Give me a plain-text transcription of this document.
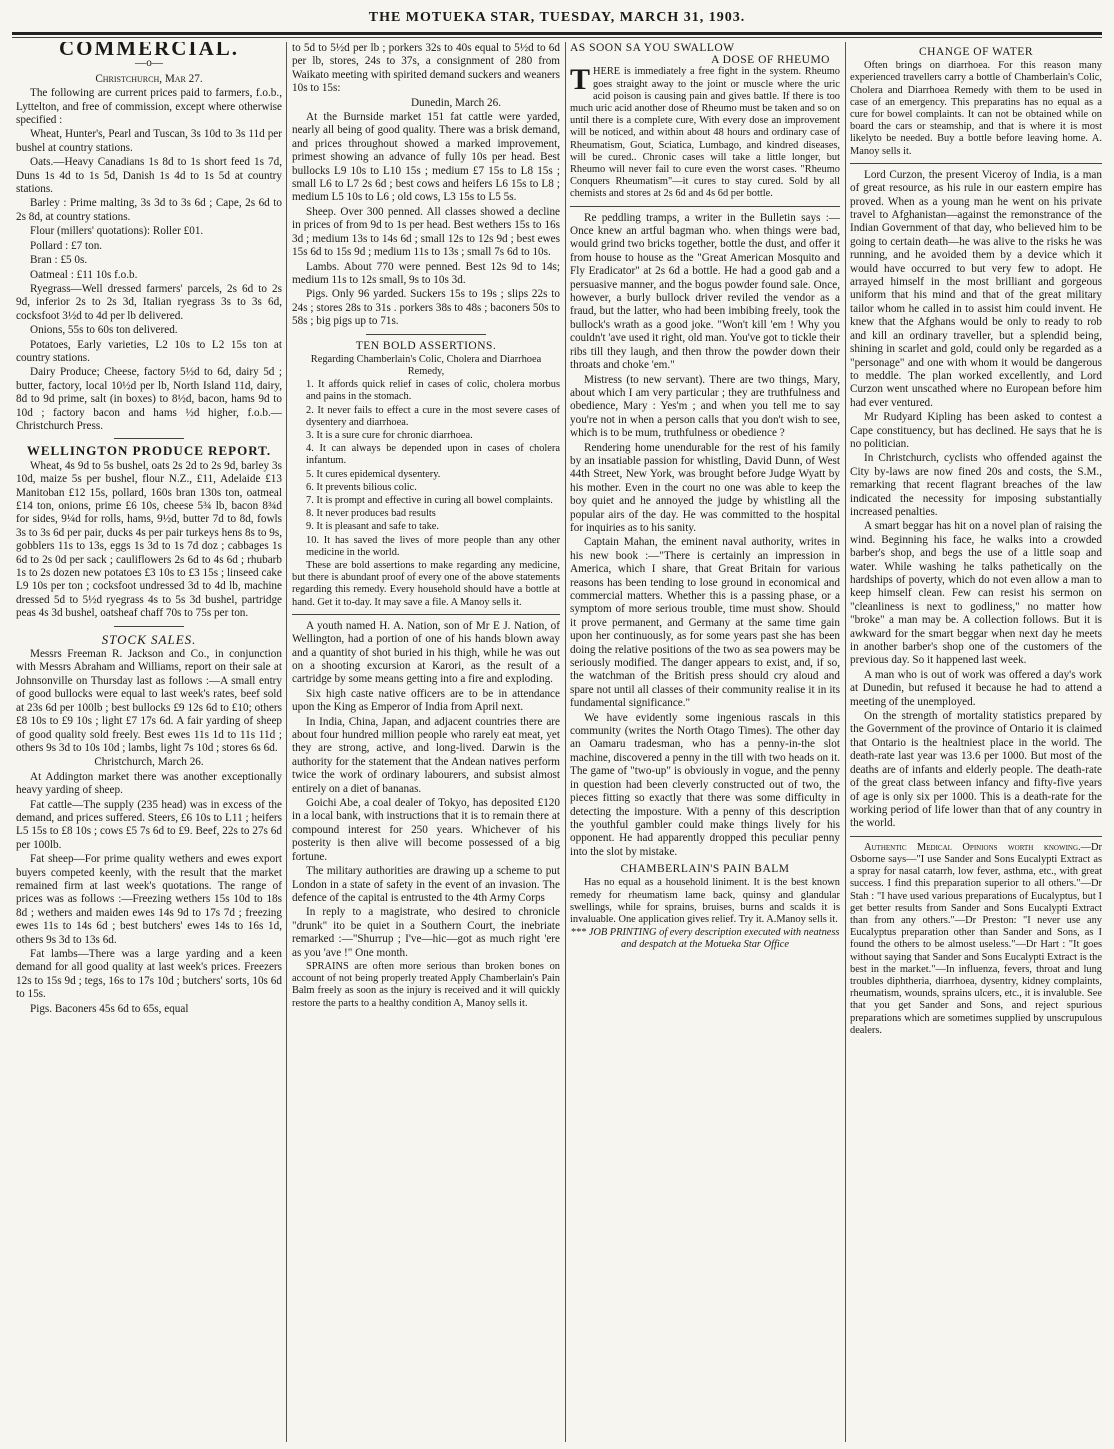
THE MOTUEKA STAR, TUESDAY, MARCH 31, 1903.
COMMERCIAL.
—o—

Christchurch, Mar 27.

The following are current prices paid to farmers, f.o.b., Lyttelton, and free of commission, except where otherwise specified :

Wheat, Hunter's, Pearl and Tuscan, 3s 10d to 3s 11d per bushel at country stations.

Oats.—Heavy Canadians 1s 8d to 1s short feed 1s 7d, Duns 1s 4d to 1s 5d, Danish 1s 4d to 1s 5d at country stations.

Barley : Prime malting, 3s 3d to 3s 6d ; Cape, 2s 6d to 2s 8d, at country stations.

Flour (millers' quotations): Roller £01.

Pollard : £7 ton.

Bran : £5 0s.

Oatmeal : £11 10s f.o.b.

Ryegrass—Well dressed farmers' parcels, 2s 6d to 2s 9d, inferior 2s to 2s 3d, Italian ryegrass 3s to 3s 6d, cocksfoot 3½d to 4d per lb delivered.

Onions, 55s to 60s ton delivered.

Potatoes, Early varieties, L2 10s to L2 15s ton at country stations.

Dairy Produce; Cheese, factory 5½d to 6d, dairy 5d ; butter, factory, local 10½d per lb, North Island 11d, dairy, 8d to 9d prime, salt (in boxes) to 8½d, bacon, hams 9d to 10d ; factory bacon and hams ½d higher, f.o.b.—Christchurch Press.

WELLINGTON PRODUCE REPORT.

Wheat, 4s 9d to 5s bushel, oats 2s 2d to 2s 9d, barley 3s 10d, maize 5s per bushel, flour N.Z., £11, Adelaide £13 Manitoban £12 15s, pollard, 160s bran 130s ton, oatmeal £14 ton, onions, prime £6 10s, cheese 5¾ lb, bacon 8¾d for sides, 9¼d for rolls, hams, 9½d, butter 7d to 8d, fowls 3s to 3s 6d per pair, ducks 4s per pair turkeys hens 8s to 9s, gobblers 11s to 13s, eggs 1s 3d to 1s 7d doz ; cabbages 1s 6d to 2s 0d per sack ; cauliflowers 2s 6d to 4s 6d ; rhubarb 1s to 2s dozen new potatoes £3 10s to £3 15s ; linseed cake L9 10s per ton ; cocksfoot undressed 3d to 4d lb, machine dressed 5d to 5½d ryegrass 4s to 5s 3d bushel, partridge peas 4s 3d bushel, oatsheaf chaff 70s to 75s per ton.

STOCK SALES.

Messrs Freeman R. Jackson and Co., in conjunction with Messrs Abraham and Williams, report on their sale at Johnsonville on Thursday last as follows :—A small entry of good bullocks were equal to last week's rates, beef sold at 23s 6d per 100lb ; best bullocks £9 12s 6d to £10; others £8 10s to £9 10s ; light £7 17s 6d. A fair yarding of sheep of good quality sold freely. Best ewes 11s 1d to 11s 11d ; others 9s 3d to 10s 10d ; lambs, light 7s 10d ; stores 6s 6d.

Christchurch, March 26.

At Addington market there was another exceptionally heavy yarding of sheep.

Fat cattle—The supply (235 head) was in excess of the demand, and prices suffered. Steers, £6 10s to L11 ; heifers L5 15s to £8 10s ; cows £5 7s 6d to £9. Beef, 22s to 27s 6d per 100lb.

Fat sheep—For prime quality wethers and ewes export buyers competed keenly, with the result that the market remained firm at last week's quotations. The range of prices was as follows :—Freezing wethers 15s 10d to 18s 8d ; wethers and maiden ewes 14s 9d to 17s 7d ; freezing ewes 11s to 14s 6d ; best butchers' ewes 14s to 16s 1d, others 9s 3d to 13s 6d.

Fat lambs—There was a large yarding and a keen demand for all good quality at last week's prices. Freezers 12s to 15s 9d ; tegs, 16s to 17s 10d ; butchers' sorts, 10s 6d to 15s.

Pigs. Baconers 45s 6d to 65s, equal

to 5d to 5½d per lb ; porkers 32s to 40s equal to 5½d to 6d per lb, stores, 24s to 37s, a consignment of 280 from Waikato meeting with spirited demand suckers and weaners 10s to 15s:

Dunedin, March 26.

At the Burnside market 151 fat cattle were yarded, nearly all being of good quality. There was a brisk demand, and prices throughout showed a marked improvement, primest showing an advance of fully 10s per head. Best bullocks L9 10s to L10 15s ; medium £7 15s to L8 15s ; small L6 to L7 2s 6d ; best cows and heifers L6 15s to L8 ; medium L5 10s to L6 ; old cows, L3 15s to L5 5s.

Sheep. Over 300 penned. All classes showed a decline in prices of from 9d to 1s per head. Best wethers 15s to 16s 3d ; medium 13s to 14s 6d ; small 12s to 12s 9d ; best ewes 15s 6d to 15s 9d ; medium 11s to 13s ; small 7s 6d to 10s.

Lambs. About 770 were penned. Best 12s 9d to 14s; medium 11s to 12s small, 9s to 10s 3d.

Pigs. Only 96 yarded. Suckers 15s to 19s ; slips 22s to 24s ; stores 28s to 31s . porkers 38s to 48s ; baconers 50s to 58s ; big pigs up to 71s.

TEN BOLD ASSERTIONS.

Regarding Chamberlain's Colic, Cholera and Diarrhoea Remedy,

1. It affords quick relief in cases of colic, cholera morbus and pains in the stomach.

2. It never fails to effect a cure in the most severe cases of dysentery and diarrhoea.

3. It is a sure cure for chronic diarrhoea.

4. It can always be depended upon in cases of cholera infantum.

5. It cures epidemical dysentery.

6. It prevents bilious colic.

7. It is prompt and effective in curing all bowel complaints.

8. It never produces bad results

9. It is pleasant and safe to take.

10. It has saved the lives of more people than any other medicine in the world.

These are bold assertions to make regarding any medicine, but there is abundant proof of every one of the above statements regarding this remedy. Every household should have a bottle at hand. Get it to-day. It may save a file. A Manoy sells it.

A youth named H. A. Nation, son of Mr E J. Nation, of Wellington, had a portion of one of his hands blown away and a quantity of shot buried in his thigh, while he was out on a shooting excursion at Karori, as the result of a cartridge by some means getting into a fire and exploding.

Six high caste native officers are to be in attendance upon the King as Emperor of India from April next.

In India, China, Japan, and adjacent countries there are about four hundred million people who rarely eat meat, yet they are strong, active, and long-lived. Darwin is the authority for the statement that the Andean natives perform twice the work of ordinary labourers, and subsist almost entirely on a diet of bananas.

Goichi Abe, a coal dealer of Tokyo, has deposited £120 in a local bank, with instructions that it is to remain there at compound interest for 250 years. Whichever of his posterity is then alive will become possessed of a big fortune.

The military authorities are drawing up a scheme to put London in a state of safety in the event of an invasion. The defence of the capital is entrusted to the 4th Army Corps

In reply to a magistrate, who desired to chronicle "drunk" ito be quiet in a Southern Court, the inebriate remarked :—"Shurrup ; I've—hic—got as much right 'ere as you 'ave !" One month.

SPRAINS are often more serious than broken bones on account of not being properly treated Apply Chamberlain's Pain Balm freely as soon as the injury is received and it will quickly restore the parts to a healthy condition A, Manoy sells it.

AS SOON SA YOU SWALLOW
A DOSE OF RHEUMO

THERE is immediately a free fight in the system. Rheumo goes straight away to the joint or muscle where the uric acid poison is causing pain and gives battle. If there is too much uric acid another dose of Rheumo must be taken and so on until there is a complete cure, With every dose an improvement will be noticed, and within about 48 hours and ordinary case of Rheumatism, Gout, Sciatica, Lumbago, and kindred diseases, will be cured.. Chronic cases will take a little longer, but Rheumo will never fail to cure even the worst cases. "Rheumo Conquers Rheumatism"—it cures to stay cured. Sold by all chemists and stores at 2s 6d and 4s 6d per bottle.

Re peddling tramps, a writer in the Bulletin says :—Once knew an artful bagman who. when things were bad, would grind two bricks together, bottle the dust, and offer it from house to house as the "Great American Mosquito and Fly Eradicator" at 2s 6d a bottle. He had a good gab and a persuasive manner, and the bogus powder found sale. Once, however, a burly bullock driver reviled the vendor as a fraud, but the latter, who had been imbibing freely, took the bullock's wrath as a good joke. "Won't kill 'em ! Why you couldn't 'ave used it right, old man. You've got to tickle their ribs till they laugh, and then throw the powder down their throats and choke 'em."

Mistress (to new servant). There are two things, Mary, about which I am very particular ; they are truthfulness and obedience, Mary : Yes'm ; and when you tell me to say you're not in when a person calls that you don't wish to see, which is to be mum, truthfulness or obedience ?

Rendering home unendurable for the rest of his family by an insatiable passion for whistling, David Dunn, of West 44th Street, New York, was brought before Judge Wyatt by his mother. Even in the court no one was able to keep the boy quiet and he annoyed the judge by whistling all the popular airs of the day. He was committed to the hospital for inquiries as to his sanity.

Captain Mahan, the eminent naval authority, writes in his new book :—"There is certainly an impression in America, which I share, that Great Britain for various reasons has been tending to lose ground in economical and commercial matters. Whether this is a passing phase, or a symptom of more serious trouble, time must show. Should it prove permanent, and Germany at the same time gain upon her continuously, as for some years past she has been doing the relative positions of the two as sea powers may be seriously modified. The danger appears to exist, and, if so, the watchman of the British press should cry aloud and spare not until all classes of their community realise it in its fundamental significance."

We have evidently some ingenious rascals in this community (writes the North Otago Times). The other day an Oamaru tradesman, who has a penny-in-the slot machine, discovered a penny in the till with two heads on it. The game of "two-up" is obviously in vogue, and the penny in question had been cleverly constructed out of two, the pieces fitting so exactly that there was some difficulty in detecting the imposture. With a penny of this description the youthful gambler could make things lively for his opponent. He had apparently dropped this peculiar penny into the slot by mistake.

CHAMBERLAIN'S PAIN BALM

Has no equal as a household liniment. It is the best known remedy for rheumatism lame back, quinsy and glandular swellings, while for sprains, bruises, burns and scalds it is invaluable. One application gives relief. Try it. A.Manoy sells it.

*** JOB PRINTING of every description executed with neatness and despatch at the Motueka Star Office

CHANGE OF WATER

Often brings on diarrhoea. For this reason many experienced travellers carry a bottle of Chamberlain's Colic, Cholera and Diarrhoea Remedy with them to be used in case of an emergency. This preparatins has no equal as a cure for bowel complaints. It can not be obtained while on board the cars or steamship, and that is where it is most likelyto be needed. Buy a bottle before leaving home. A. Manoy sells it.

Lord Curzon, the present Viceroy of India, is a man of great resource, as his rule in our eastern empire has proved. When as a young man he went on his private travel to Afghanistan—against the remonstrance of the Indian Government of that day, who believed him to be going to certain death—he was alive to the risks he was running, and he avoided them by a device which it would have occurred to but very few to adopt. He arrayed himself in the most brilliant and gorgeous uniform that his mind and that of the great military tailor whom he called in to assist him could invent. He knew that the Afghans would be only to ready to rob and kill an ordinary traveller, but a splendid being, shining in scarlet and gold, could only be regarded as a "personage" and one with whom it would be dangerous to meddle. The plan worked excellently, and Lord Curzon went unscathed where no European before him had ever ventured.

Mr Rudyard Kipling has been asked to contest a Cape constituency, but has declined. He says that he is no politician.

In Christchurch, cyclists who offended against the City by-laws are now fined 20s and costs, the S.M., remarking that recent flagrant breaches of the law indicated the necessity for imposing substantially increased penalties.

A smart beggar has hit on a novel plan of raising the wind. Beginning his face, he walks into a crowded barber's shop, and begs the use of a little soap and water. While washing he talks pathetically on the hardships of poverty, which do not even allow a man to keep himself clean. Few can resist his sermon on "cleanliness is next to godliness," no matter how "broke" a man may be. A collection follows. But it is awkward for the smart beggar when next day he meets in another barber's shop one of the customers of the previous day. So it happened last week.

A man who is out of work was offered a day's work at Dunedin, but refused it because he had to attend a meeting of the unemployed.

On the strength of mortality statistics prepared by the Government of the province of Ontario it is claimed that Ontario is the healtniest place in the world. The death-rate last year was 13.6 per 1000. But most of the deaths are of infants and elderly people. The death-rate of the great class between infancy and fifty-five years of age is only six per 1000. This is a death-rate for the working period of life lower than that of any country in the world.

Authentic Medical Opinions worth knowing.—Dr Osborne says—"I use Sander and Sons Eucalypti Extract as a spray for nasal catarrh, low fever, asthma, etc., with great success. I find this preparation superior to all others."—Dr Stah : "I have used various preparations of Eucalyptus, but I get better results from Sander and Sons Eucalypti Extract than from any others."—Dr Preston: "I never use any Eucalyptus preparation other than Sander and Sons, as I found the others to be almost useless."—Dr Hart : "It goes without saying that Sander and Sons Eucalypti Extract is the best in the market."—In influenza, fevers, throat and lung troubles diphtheria, diarrhoea, dysentry, kidney complaints, rheumatism, wounds, sprains ulcers, etc., it is invaluble. See that you get Sander and Sons, and reject spurious preparations which are sometimes supplied by unscrupulous dealers.
